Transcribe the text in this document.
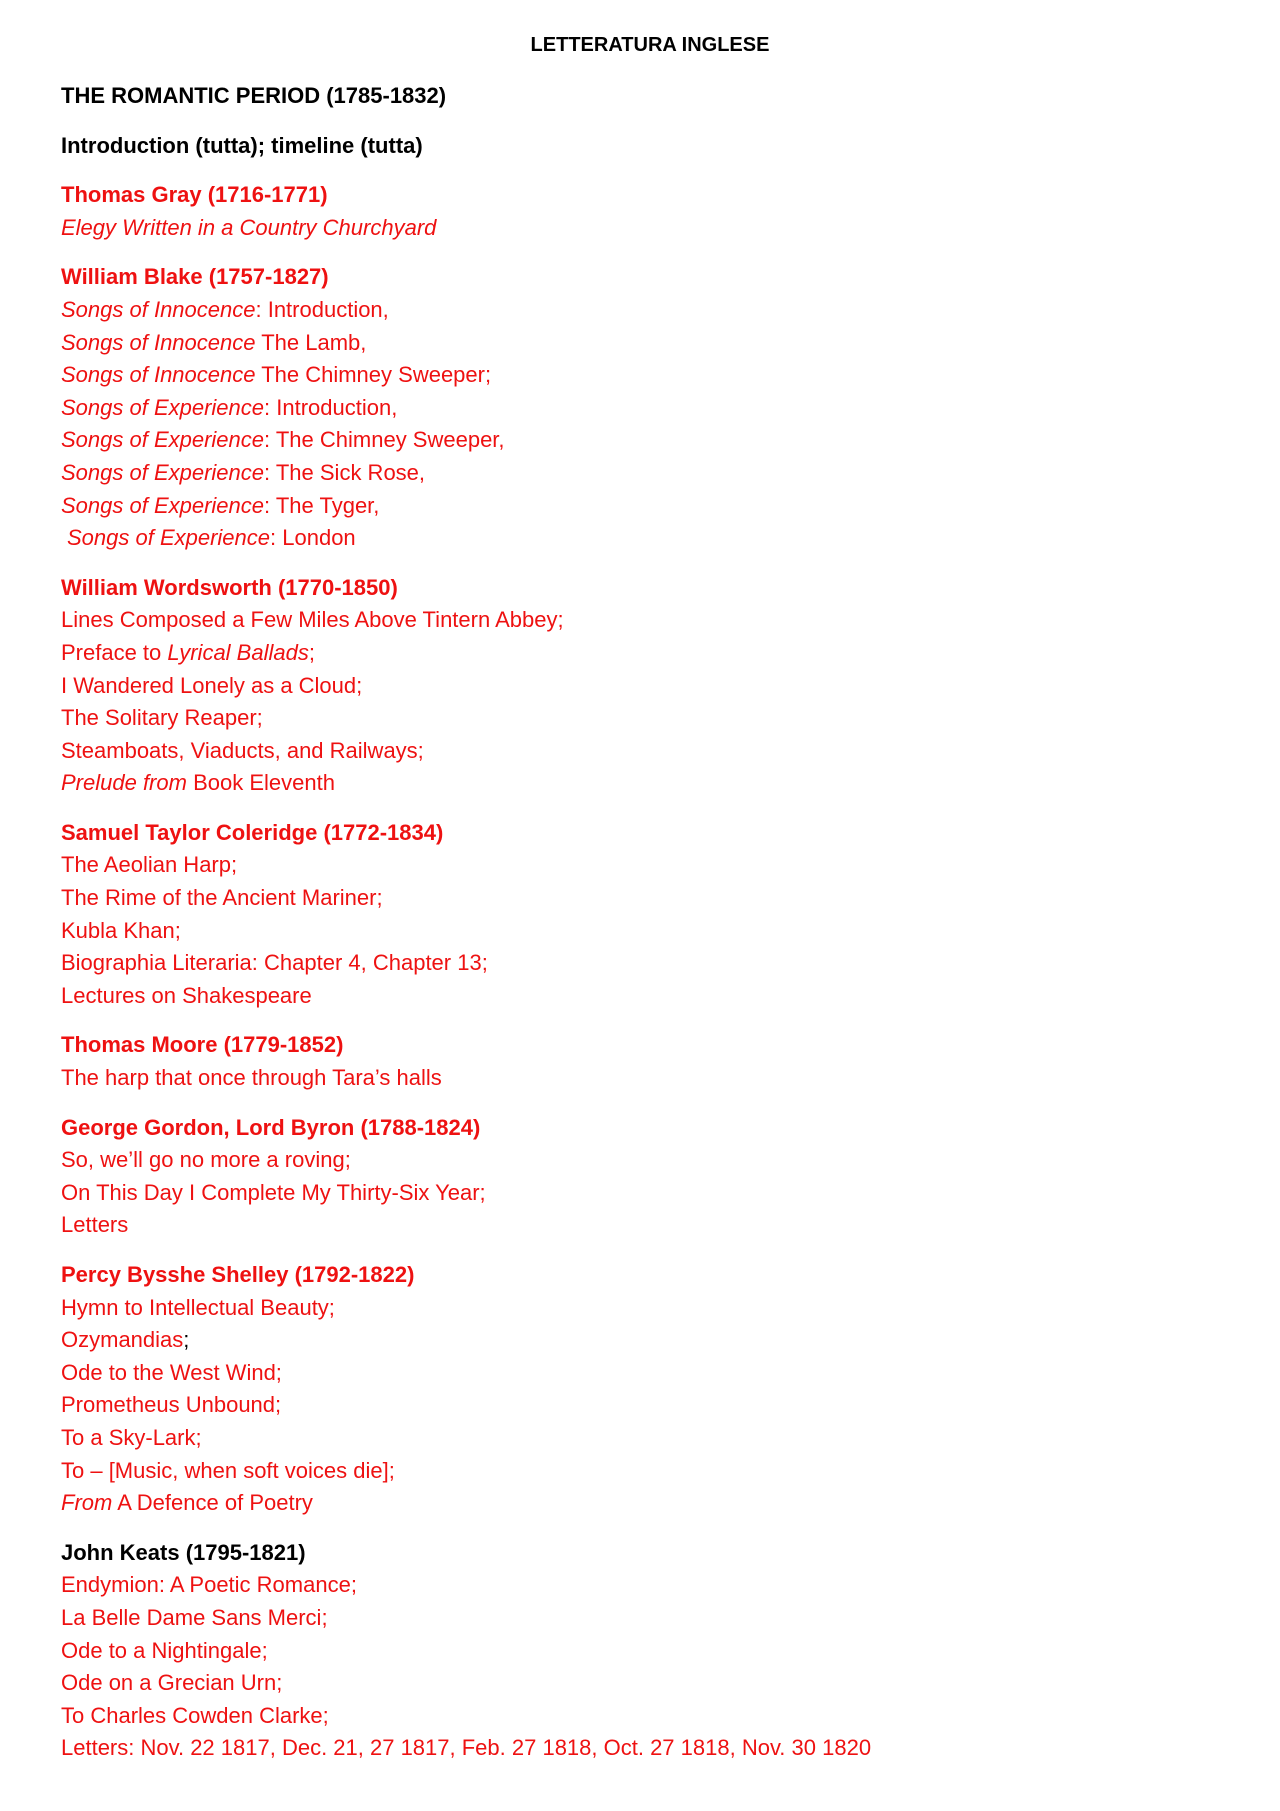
LETTERATURA INGLESE
THE ROMANTIC PERIOD (1785-1832)
Introduction (tutta); timeline (tutta)
Thomas Gray (1716-1771)
Elegy Written in a Country Churchyard
William Blake (1757-1827)
Songs of Innocence: Introduction,
Songs of Innocence The Lamb,
Songs of Innocence The Chimney Sweeper;
Songs of Experience: Introduction,
Songs of Experience: The Chimney Sweeper,
Songs of Experience: The Sick Rose,
Songs of Experience: The Tyger,
Songs of Experience: London
William Wordsworth (1770-1850)
Lines Composed a Few Miles Above Tintern Abbey;
Preface to Lyrical Ballads;
I Wandered Lonely as a Cloud;
The Solitary Reaper;
Steamboats, Viaducts, and Railways;
Prelude from Book Eleventh
Samuel Taylor Coleridge (1772-1834)
The Aeolian Harp;
The Rime of the Ancient Mariner;
Kubla Khan;
Biographia Literaria: Chapter 4, Chapter 13;
Lectures on Shakespeare
Thomas Moore (1779-1852)
The harp that once through Tara’s halls
George Gordon, Lord Byron (1788-1824)
So, we’ll go no more a roving;
On This Day I Complete My Thirty-Six Year;
Letters
Percy Bysshe Shelley (1792-1822)
Hymn to Intellectual Beauty;
Ozymandias;
Ode to the West Wind;
Prometheus Unbound;
To a Sky-Lark;
To – [Music, when soft voices die];
From A Defence of Poetry
John Keats (1795-1821)
Endymion: A Poetic Romance;
La Belle Dame Sans Merci;
Ode to a Nightingale;
Ode on a Grecian Urn;
To Charles Cowden Clarke;
Letters: Nov. 22 1817, Dec. 21, 27 1817, Feb. 27 1818, Oct. 27 1818, Nov. 30 1820
